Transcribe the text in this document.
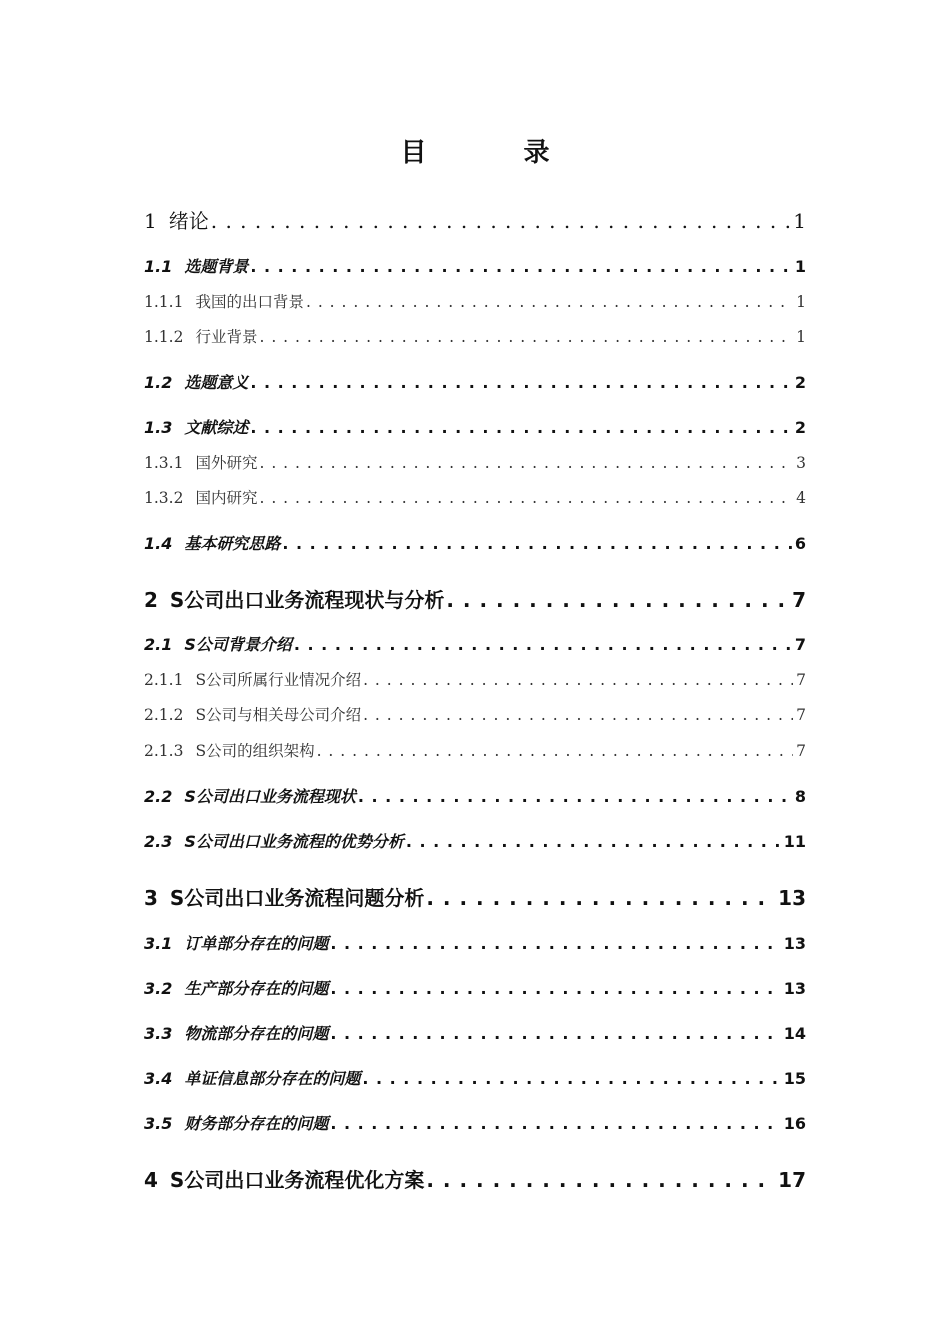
目 录
1 绪论 . . .	1
1.1 选题背景 . . .	1
1.1.1 我国的出口背景 . . .	1
1.1.2 行业背景 . . .	1
1.2 选题意义 . . .	2
1.3 文献综述 . . .	2
1.3.1 国外研究 . . .	3
1.3.2 国内研究 . . .	4
1.4 基本研究思路 . . .	6
2 S公司出口业务流程现状与分析 . . .	7
2.1 S公司背景介绍 . . .	7
2.1.1 S公司所属行业情况介绍 . . .	7
2.1.2 S公司与相关母公司介绍 . . .	7
2.1.3 S公司的组织架构 . . .	7
2.2 S公司出口业务流程现状 . . .	8
2.3 S公司出口业务流程的优势分析 . . .	11
3 S公司出口业务流程问题分析 . . .	13
3.1 订单部分存在的问题 . . .	13
3.2 生产部分存在的问题 . . .	13
3.3 物流部分存在的问题 . . .	14
3.4 单证信息部分存在的问题 . . .	15
3.5 财务部分存在的问题 . . .	16
4 S公司出口业务流程优化方案 . . .	17
